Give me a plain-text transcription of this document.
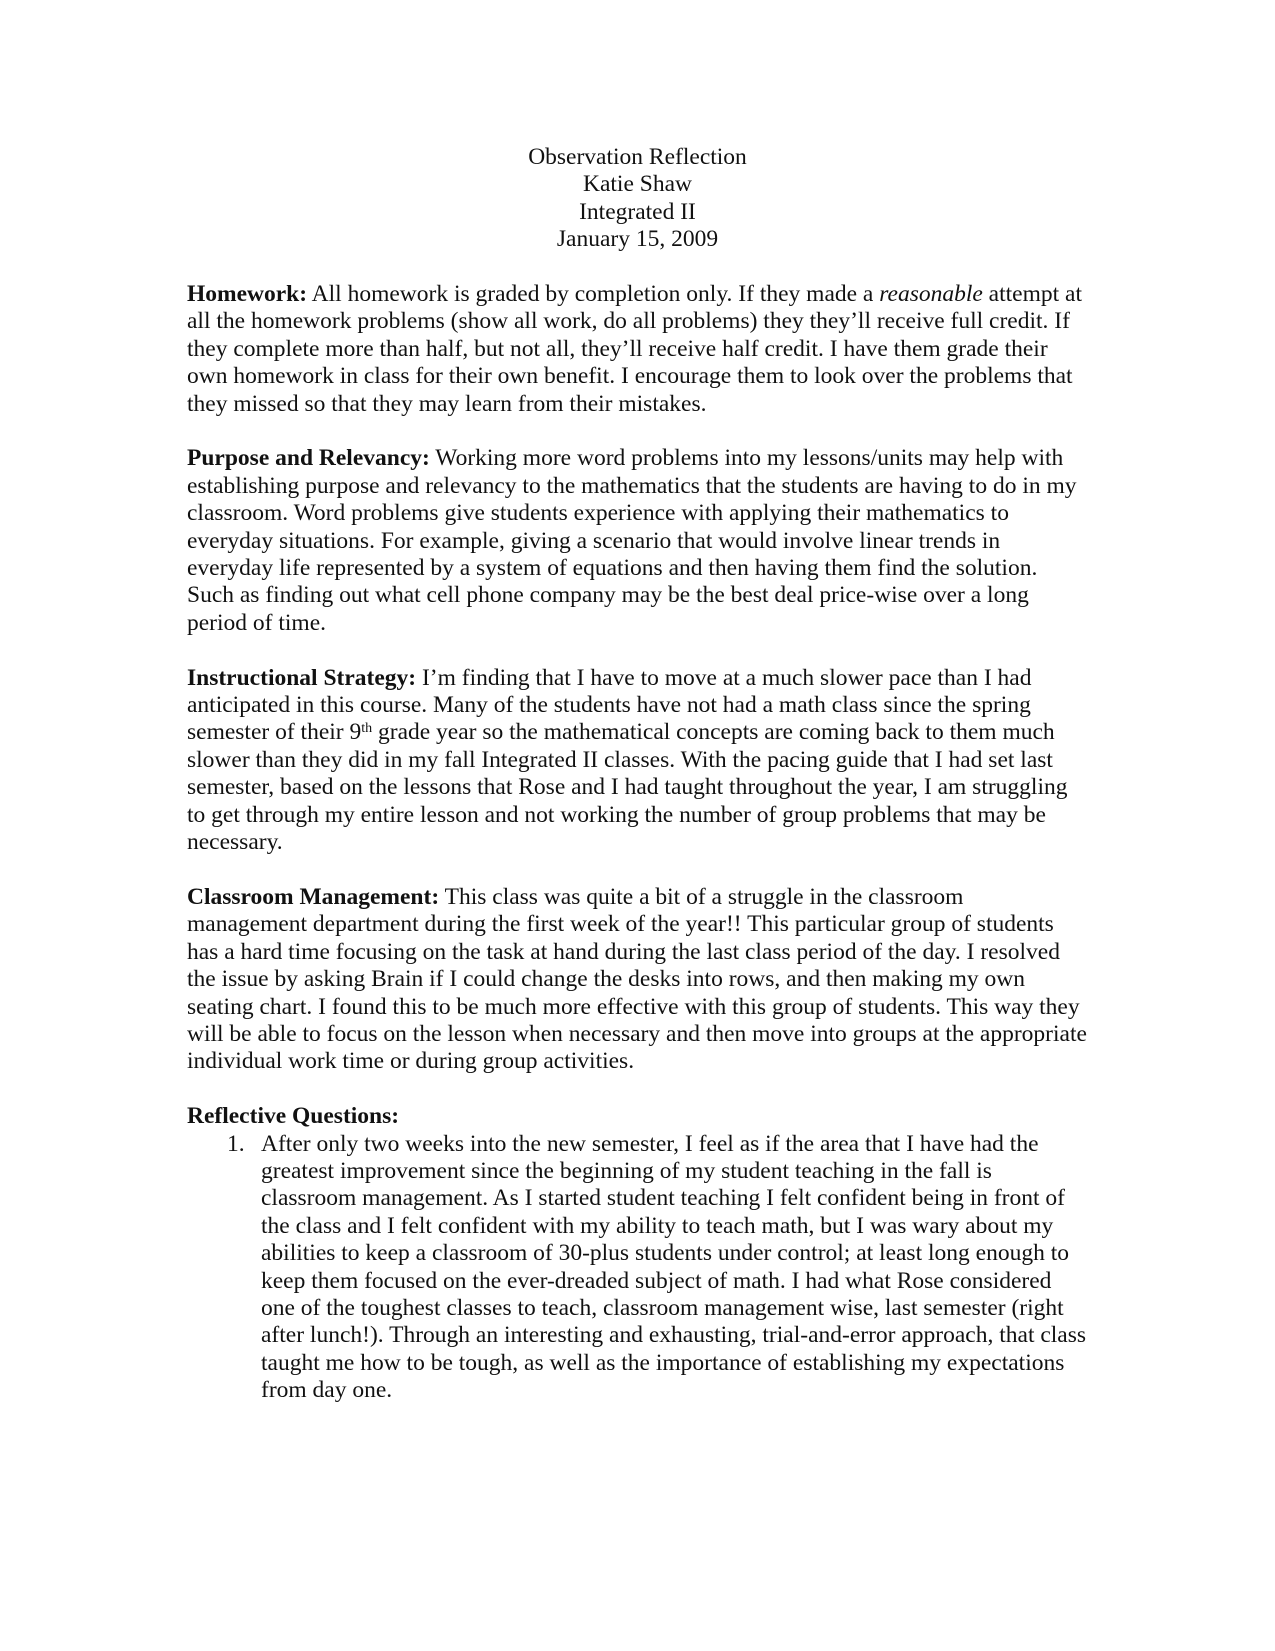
Observation Reflection
Katie Shaw
Integrated II
January 15, 2009

Homework: All homework is graded by completion only. If they made a reasonable attempt at all the homework problems (show all work, do all problems) they they’ll receive full credit. If they complete more than half, but not all, they’ll receive half credit. I have them grade their own homework in class for their own benefit. I encourage them to look over the problems that they missed so that they may learn from their mistakes.

Purpose and Relevancy: Working more word problems into my lessons/units may help with establishing purpose and relevancy to the mathematics that the students are having to do in my classroom. Word problems give students experience with applying their mathematics to everyday situations. For example, giving a scenario that would involve linear trends in everyday life represented by a system of equations and then having them find the solution. Such as finding out what cell phone company may be the best deal price-wise over a long period of time.

Instructional Strategy: I’m finding that I have to move at a much slower pace than I had anticipated in this course. Many of the students have not had a math class since the spring semester of their 9th grade year so the mathematical concepts are coming back to them much slower than they did in my fall Integrated II classes. With the pacing guide that I had set last semester, based on the lessons that Rose and I had taught throughout the year, I am struggling to get through my entire lesson and not working the number of group problems that may be necessary.

Classroom Management: This class was quite a bit of a struggle in the classroom management department during the first week of the year!! This particular group of students has a hard time focusing on the task at hand during the last class period of the day. I resolved the issue by asking Brain if I could change the desks into rows, and then making my own seating chart. I found this to be much more effective with this group of students. This way they will be able to focus on the lesson when necessary and then move into groups at the appropriate individual work time or during group activities.

Reflective Questions:

1. After only two weeks into the new semester, I feel as if the area that I have had the greatest improvement since the beginning of my student teaching in the fall is classroom management. As I started student teaching I felt confident being in front of the class and I felt confident with my ability to teach math, but I was wary about my abilities to keep a classroom of 30-plus students under control; at least long enough to keep them focused on the ever-dreaded subject of math. I had what Rose considered one of the toughest classes to teach, classroom management wise, last semester (right after lunch!). Through an interesting and exhausting, trial-and-error approach, that class taught me how to be tough, as well as the importance of establishing my expectations from day one.
